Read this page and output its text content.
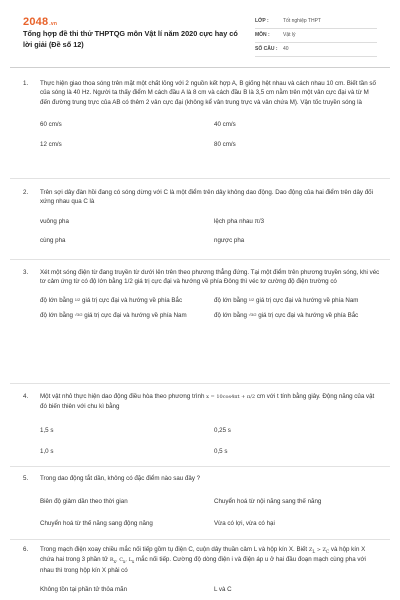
2048.vn
Tổng hợp đề thi thử THPTQG môn Vật lí năm 2020 cực hay có lời giải (Đề số 12)
LỚP :	Tốt nghiệp THPT
MÔN :	Vật lý
SỐ CÂU :	40
1.	Thực hiện giao thoa sóng trên mặt một chất lỏng với 2 nguồn kết hợp A, B giống hệt nhau và cách nhau 10 cm. Biết tần số của sóng là 40 Hz. Người ta thấy điểm M cách đầu A là 8 cm và cách đầu B là 3,5 cm nằm trên một vân cực đại và từ M đến đường trung trực của AB có thêm 2 vân cực đại (không kể vân trung trực và vân chứa M). Vận tốc truyền sóng là
60 cm/s	40 cm/s
12 cm/s	80 cm/s
2.	Trên sợi dây đàn hồi đang có sóng dừng với C là một điểm trên dây không dao động. Dao động của hai điểm trên dây đối xứng nhau qua C là
vuông pha	lệch pha nhau π/3
cùng pha	ngược pha
3.	Xét một sóng điện từ đang truyền từ dưới lên trên theo phương thẳng đứng. Tại một điểm trên phương truyền sóng, khi véc tơ cảm ứng từ có độ lớn bằng 1/2 giá trị cực đại và hướng về phía Đông thì véc tơ cường độ điện trường có
độ lớn bằng 1/2 giá trị cực đại và hướng về phía Bắc	độ lớn bằng 1/2 giá trị cực đại và hướng về phía Nam
độ lớn bằng √3/2 giá trị cực đại và hướng về phía Nam	độ lớn bằng √3/2 giá trị cực đại và hướng về phía Bắc
4.	Một vật nhỏ thực hiện dao động điều hòa theo phương trình x = 10cos4πt + π/2 cm với t tính bằng giây. Động năng của vật đó biến thiên với chu kì bằng
1,5 s	0,25 s
1,0 s	0,5 s
5.	Trong dao động tắt dần, không có đặc điểm nào sau đây ?
Biên độ giảm dần theo thời gian	Chuyển hoá từ nội năng sang thế năng
Chuyển hoá từ thế năng sang động năng	Vừa có lợi, vừa có hại
6.	Trong mạch điện xoay chiều mắc nối tiếp gồm tụ điện C, cuộn dây thuần cảm L và hộp kín X. Biết $Z_L > Z_C$ và hộp kín X chứa hai trong 3 phần tử $R_x$, $C_x$, $L_x$ mắc nối tiếp. Cường độ dòng điện i và điện áp u ở hai đầu đoạn mạch cùng pha với nhau thì trong hộp kín X phải có
Không tồn tại phần tử thỏa mãn	L và C
